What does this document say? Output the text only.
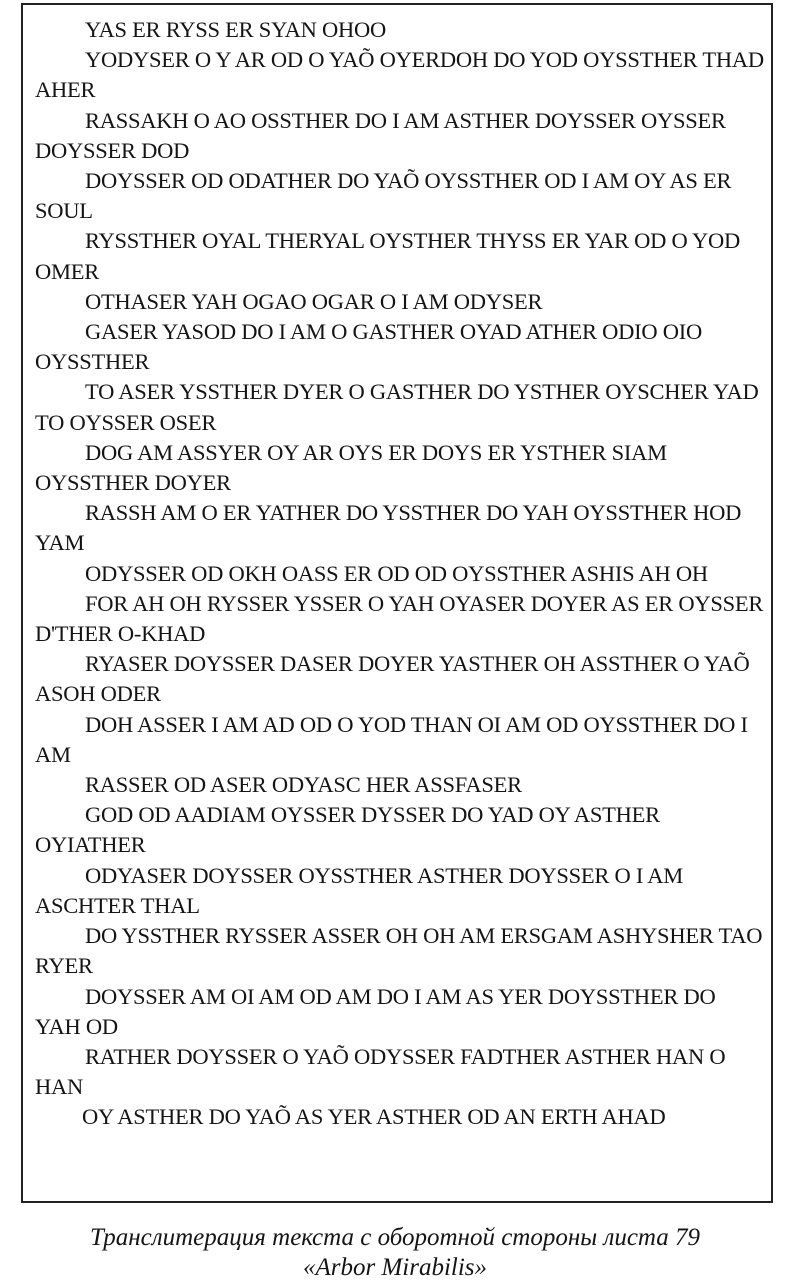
YAS ER RYSS ER SYAN OHOO

YODYSER O Y AR OD O YAÕ OYERDOH DO YOD OYSSTHER THAD AHER

RASSAKH O AO OSSTHER DO I AM ASTHER DOYSSER OYSSER DOYSSER DOD

DOYSSER OD ODATHER DO YAÕ OYSSTHER OD I AM OY AS ER SOUL

RYSSTHER OYAL THERYAL OYSTHER THYSS ER YAR OD O YOD OMER

OTHASER YAH OGAO OGAR O I AM ODYSER

GASER YASOD DO I AM O GASTHER OYAD ATHER ODIO OIO OYSSTHER

TO ASER YSSTHER DYER O GASTHER DO YSTHER OYSCHER YAD TO OYSSER OSER

DOG AM ASSYER OY AR OYS ER DOYS ER YSTHER SIAM OYSSTHER DOYER

RASSH AM O ER YATHER DO YSSTHER DO YAH OYSSTHER HOD YAM

ODYSSER OD OKH OASS ER OD OD OYSSTHER ASHIS AH OH

FOR AH OH RYSSER YSSER O YAH OYASER DOYER AS ER OYSSER D'THER O-KHAD

RYASER DOYSSER DASER DOYER YASTHER OH ASSTHER O YAÕ ASOH ODER

DOH ASSER I AM AD OD O YOD THAN OI AM OD OYSSTHER DO I AM

RASSER OD ASER ODYASC HER ASSFASER

GOD OD AADIAM OYSSER DYSSER DO YAD OY ASTHER OYIATHER

ODYASER DOYSSER OYSSTHER ASTHER DOYSSER O I AM ASCHTER THAL

DO YSSTHER RYSSER ASSER OH OH AM ERSGAM ASHYSHER TAO RYER

DOYSSER AM OI AM OD AM DO I AM AS YER DOYSSTHER DO YAH OD

RATHER DOYSSER O YAÕ ODYSSER FADTHER ASTHER HAN O HAN

OY ASTHER DO YAÕ AS YER ASTHER OD AN ERTH AHAD

Транслитерация текста с оборотной стороны листа 79
«Arbor Mirabilis»
